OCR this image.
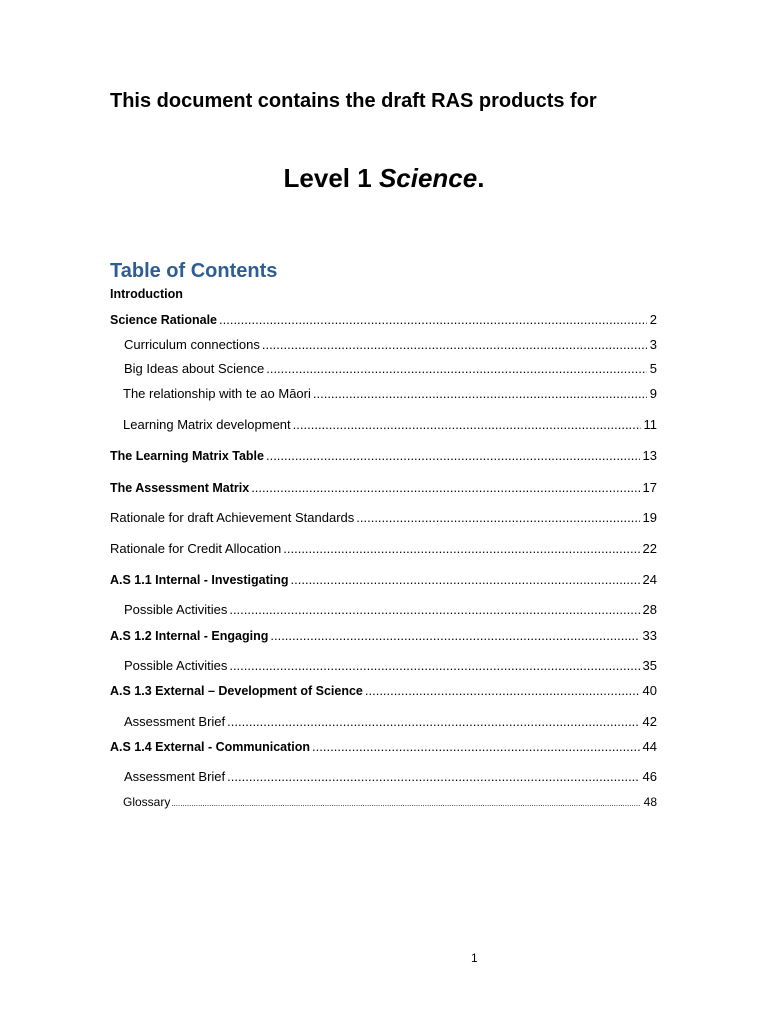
This document contains the draft RAS products for
Level 1 Science.
Table of Contents
Introduction
Science Rationale .....	2
Curriculum connections .....	3
Big Ideas about Science .....	5
The relationship with te ao Māori .....	9
Learning Matrix development .....	11
The Learning Matrix Table .....	13
The Assessment Matrix .....	17
Rationale for draft Achievement Standards .....	19
Rationale for Credit Allocation .....	22
A.S 1.1 Internal - Investigating .....	24
Possible Activities .....	28
A.S 1.2 Internal - Engaging .....	33
Possible Activities .....	35
A.S 1.3 External – Development of Science .....	40
Assessment Brief .....	42
A.S 1.4 External - Communication .....	44
Assessment Brief .....	46
Glossary .....	48
1
